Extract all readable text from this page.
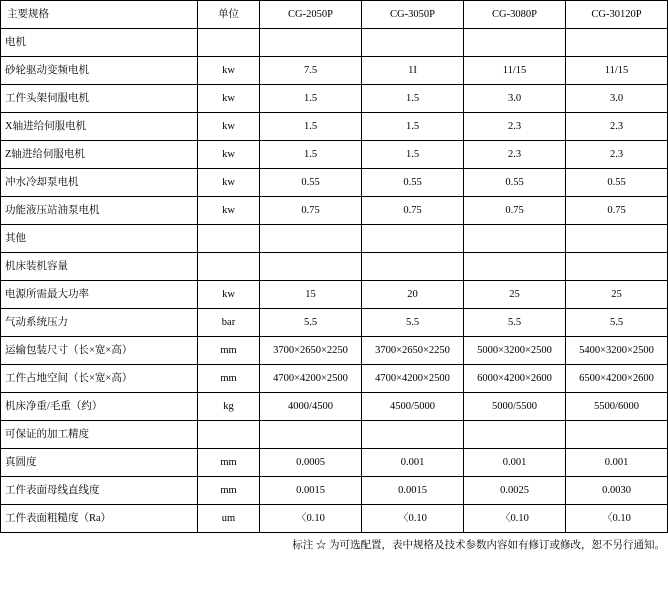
主要规格	单位	CG-2050P	CG-3050P	CG-3080P	CG-30120P
电机					
砂轮驱动变频电机	kw	7.5	1I	11/15	11/15
工件头架伺服电机	kw	1.5	1.5	3.0	3.0
X轴进给伺服电机	kw	1.5	1.5	2.3	2.3
Z轴进给伺服电机	kw	1.5	1.5	2.3	2.3
冲水冷却泵电机	kw	0.55	0.55	0.55	0.55
功能液压站油泵电机	kw	0.75	0.75	0.75	0.75
其他					
机床装机容量					
电源所需最大功率	kw	15	20	25	25
气动系统压力	bar	5.5	5.5	5.5	5.5
运输包装尺寸（长×宽×高）	mm	3700×2650×2250	3700×2650×2250	5000×3200×2500	5400×3200×2500
工件占地空间（长×宽×高）	mm	4700×4200×2500	4700×4200×2500	6000×4200×2600	6500×4200×2600
机床净重/毛重（约）	kg	4000/4500	4500/5000	5000/5500	5500/6000
可保证的加工精度					
真圆度	mm	0.0005	0.001	0.001	0.001
工件表面母线直线度	mm	0.0015	0.0015	0.0025	0.0030
工件表面粗糙度（Ra）	um	〈0.10	〈0.10	〈0.10	〈0.10
标注 ☆ 为可选配置，表中规格及技术参数内容如有修订或修改，恕不另行通知。
